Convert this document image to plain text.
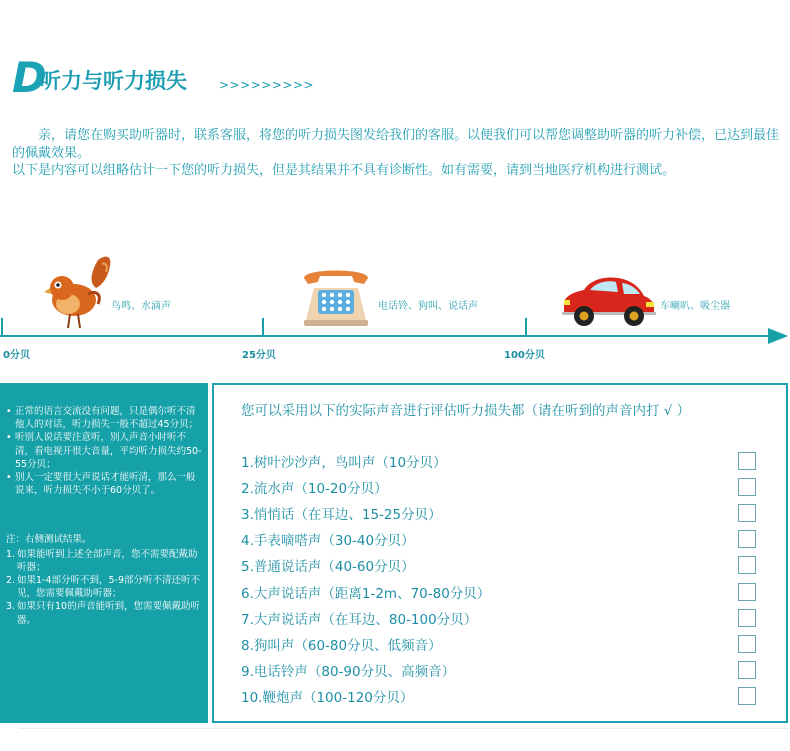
D
听力与听力损失	>>>>>>>>>

亲，请您在购买助听器时，联系客服，将您的听力损失图发给我们的客服。以便我们可以帮您调整助听器的听力补偿，已达到最佳的佩戴效果。

以下是内容可以组略估计一下您的听力损失，但是其结果并不具有诊断性。如有需要，请到当地医疗机构进行测试。

鸟鸣、水滴声	电话铃、狗叫、说话声	车喇叭、吸尘器
0分贝	25分贝	100分贝
• 正常的语言交流没有问题，只是偶尔听不清他人的对话，听力损失一般不超过45分贝；
• 听别人说话要注意听，别人声音小时听不清，看电视开很大音量，平均听力损失约50-55分贝；
• 别人一定要很大声说话才能听清，那么一般说来，听力损失不小于60分贝了。
注：右侧测试结果。
1. 如果能听到上述全部声音，您不需要配戴助听器；
2. 如果1-4部分听不到，5-9部分听不清还听不见，您需要佩戴助听器；
3. 如果只有10的声音能听到，您需要佩戴助听器。
您可以采用以下的实际声音进行评估听力损失都（请在听到的声音内打 √ ）
1.树叶沙沙声，鸟叫声（10分贝）
2.流水声（10-20分贝）
3.悄悄话（在耳边、15-25分贝）
4.手表嘀嗒声（30-40分贝）
5.普通说话声（40-60分贝）
6.大声说话声（距离1-2m、70-80分贝）
7.大声说话声（在耳边、80-100分贝）
8.狗叫声（60-80分贝、低频音）
9.电话铃声（80-90分贝、高频音）
10.鞭炮声（100-120分贝）
